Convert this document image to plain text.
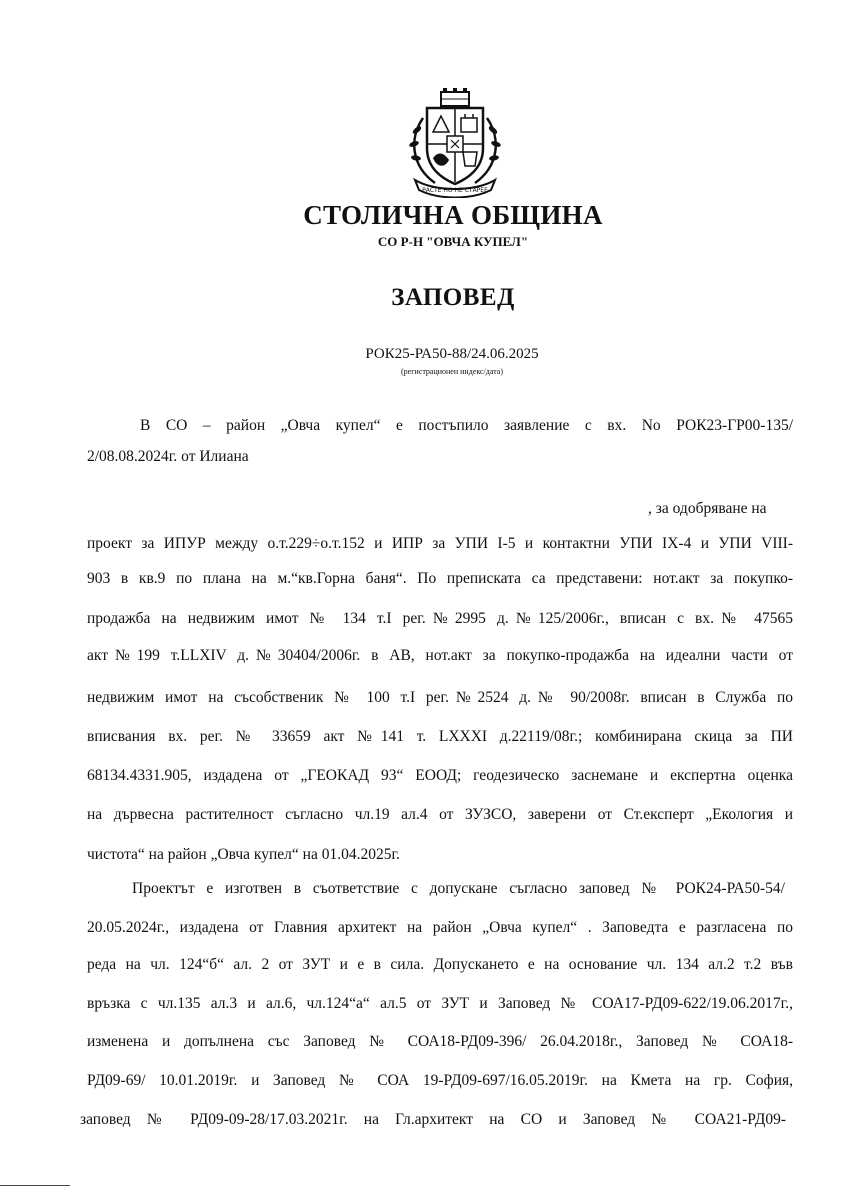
РАСТЕ НО НЕ СТАРЕЕ
СТОЛИЧНА ОБЩИНА
СО Р-Н "ОВЧА КУПЕЛ"
ЗАПОВЕД
РОК25-РА50-88/24.06.2025
(регистрационен индекс/дата)
В СО – район „Овча купел“ е постъпило заявление с вх. No РОК23-ГР00-135/
2/08.08.2024г. от Илиана
, за одобряване на
проект за ИПУР между о.т.229÷о.т.152 и ИПР за УПИ I-5 и контактни УПИ IX-4 и УПИ VIII-
903 в кв.9 по плана на м.“кв.Горна баня“. По преписката са представени: нот.акт за покупко-
продажба на недвижим имот № 134 т.I рег.№2995 д.№125/2006г., вписан с вх.№ 47565
акт№199 т.LLXIV д.№30404/2006г. в АВ, нот.акт за покупко-продажба на идеални части от
недвижим имот на съсобственик № 100 т.I рег.№2524 д.№ 90/2008г. вписан в Служба по
вписвания вх. рег. № 33659 акт №141 т. LXXXI д.22119/08г.; комбинирана скица за ПИ
68134.4331.905, издадена от „ГЕОКАД 93“ ЕООД; геодезическо заснемане и експертна оценка
на дървесна растителност съгласно чл.19 ал.4 от ЗУЗСО, заверени от Ст.експерт „Екология и
чистота“ на район „Овча купел“ на 01.04.2025г.
Проектът е изготвен в съответствие с допускане съгласно заповед № РОК24-РА50-54/
20.05.2024г., издадена от Главния архитект на район „Овча купел“ . Заповедта е разгласена по
реда на чл. 124“б“ ал. 2 от ЗУТ и е в сила. Допускането е на основание чл. 134 ал.2 т.2 във
връзка с чл.135 ал.3 и ал.6, чл.124“а“ ал.5 от ЗУТ и Заповед № СОА17-РД09-622/19.06.2017г.,
изменена и допълнена със Заповед № СОА18-РД09-396/ 26.04.2018г., Заповед № СОА18-
РД09-69/ 10.01.2019г. и Заповед № СОА 19-РД09-697/16.05.2019г. на Кмета на гр. София,
заповед № РД09-09-28/17.03.2021г. на Гл.архитект на СО и Заповед № СОА21-РД09-
